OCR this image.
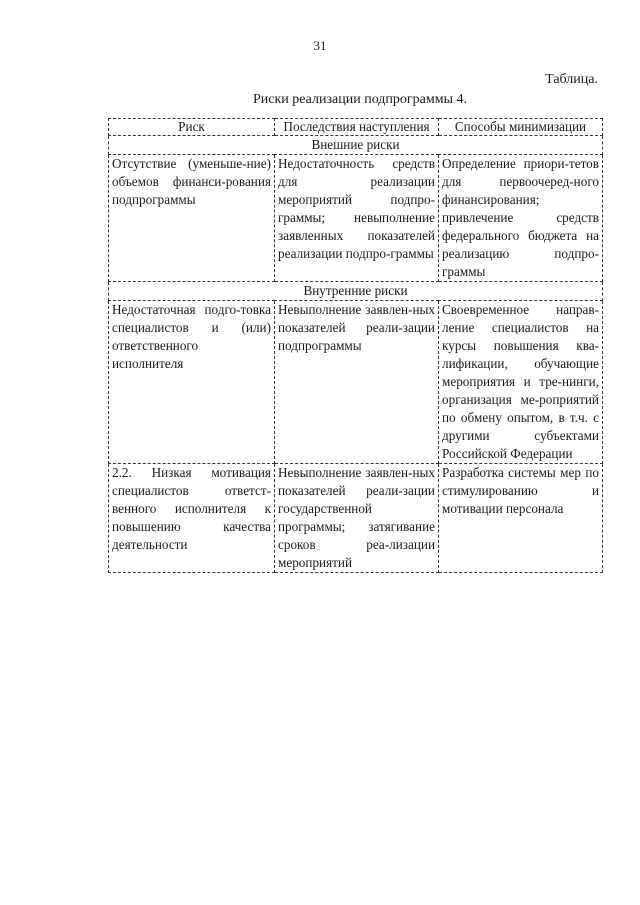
31
Таблица.
Риски реализации подпрограммы 4.
Риск	Последствия наступления	Способы минимизации
Внешние риски		
Отсутствие (уменьше-ние) объемов финанси-рования подпрограммы	Недостаточность средств для реализации мероприятий подпро-граммы; невыполнение заявленных показателей реализации подпро-граммы	Определение приори-тетов для первоочеред-ного финансирования; привлечение средств федерального бюджета на реализацию подпро-граммы
Внутренние риски		
Недостаточная подго-товка специалистов и (или) ответственного исполнителя	Невыполнение заявлен-ных показателей реали-зации подпрограммы	Своевременное направ-ление специалистов на курсы повышения ква-лификации, обучающие мероприятия и тре-нинги, организация ме-роприятий по обмену опытом, в т.ч. с другими субъектами Российской Федерации
2.2. Низкая мотивация специалистов ответст-венного исполнителя к повышению качества деятельности	Невыполнение заявлен-ных показателей реали-зации государственной программы; затягивание сроков реа-лизации мероприятий	Разработка системы мер по стимулированию и мотивации персонала
